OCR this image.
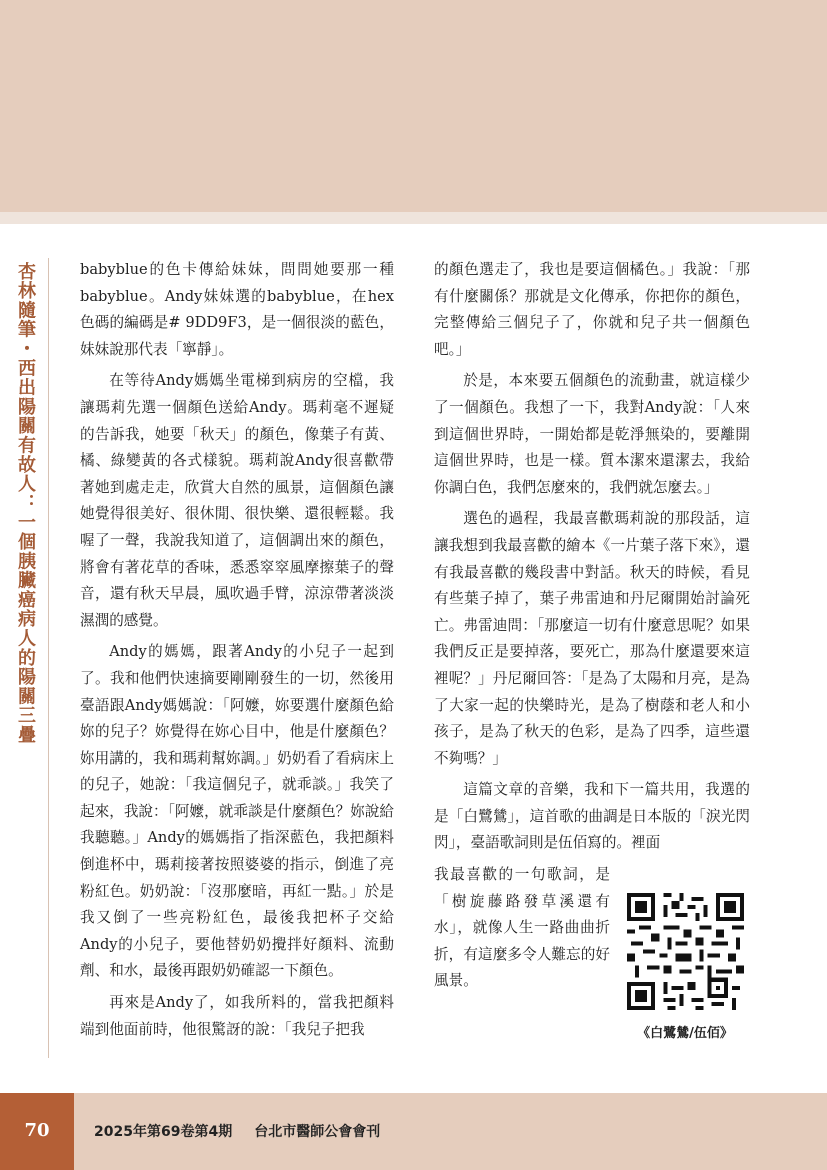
杏林隨筆・西出陽關有故人：一個胰臟癌病人的陽關三疊	babyblue的色卡傳給妹妹，問問她要那一種babyblue。Andy妹妹選的babyblue，在hex色碼的編碼是# 9DD9F3，是一個很淡的藍色，妹妹說那代表「寧靜」。

在等待Andy媽媽坐電梯到病房的空檔，我讓瑪莉先選一個顏色送給Andy。瑪莉毫不遲疑的告訴我，她要「秋天」的顏色，像葉子有黃、橘、綠變黃的各式樣貌。瑪莉說Andy很喜歡帶著她到處走走，欣賞大自然的風景，這個顏色讓她覺得很美好、很休閒、很快樂、還很輕鬆。我喔了一聲，我說我知道了，這個調出來的顏色，將會有著花草的香味，悉悉窣窣風摩擦葉子的聲音，還有秋天早晨，風吹過手臂，涼涼帶著淡淡濕潤的感覺。

Andy的媽媽，跟著Andy的小兒子一起到了。我和他們快速摘要剛剛發生的一切，然後用臺語跟Andy媽媽說：「阿嬤，妳要選什麼顏色給妳的兒子？妳覺得在妳心目中，他是什麼顏色？妳用講的，我和瑪莉幫妳調。」奶奶看了看病床上的兒子，她說：「我這個兒子，就乖談。」我笑了起來，我說：「阿嬤，就乖談是什麼顏色？妳說給我聽聽。」Andy的媽媽指了指深藍色，我把顏料倒進杯中，瑪莉接著按照婆婆的指示，倒進了亮粉紅色。奶奶說：「沒那麼暗，再紅一點。」於是我又倒了一些亮粉紅色，最後我把杯子交給Andy的小兒子，要他替奶奶攪拌好顏料、流動劑、和水，最後再跟奶奶確認一下顏色。

再來是Andy了，如我所料的，當我把顏料端到他面前時，他很驚訝的說：「我兒子把我

的顏色選走了，我也是要這個橘色。」我說：「那有什麼關係？那就是文化傳承，你把你的顏色，完整傳給三個兒子了，你就和兒子共一個顏色吧。」

於是，本來要五個顏色的流動畫，就這樣少了一個顏色。我想了一下，我對Andy說：「人來到這個世界時，一開始都是乾淨無染的，要離開這個世界時，也是一樣。質本潔來還潔去，我給你調白色，我們怎麼來的，我們就怎麼去。」

選色的過程，我最喜歡瑪莉說的那段話，這讓我想到我最喜歡的繪本《一片葉子落下來》，還有我最喜歡的幾段書中對話。秋天的時候，看見有些葉子掉了，葉子弗雷迪和丹尼爾開始討論死亡。弗雷迪問：「那麼這一切有什麼意思呢？如果我們反正是要掉落，要死亡，那為什麼還要來這裡呢？」丹尼爾回答：「是為了太陽和月亮，是為了大家一起的快樂時光，是為了樹蔭和老人和小孩子，是為了秋天的色彩，是為了四季，這些還不夠嗎？」

這篇文章的音樂，我和下一篇共用，我選的是「白鷺鷥」，這首歌的曲調是日本版的「淚光閃閃」，臺語歌詞則是伍佰寫的。裡面

我最喜歡的一句歌詞，是「樹旋藤路發草溪還有水」，就像人生一路曲曲折折，有這麼多令人難忘的好風景。

《白鷺鷥/伍佰》
70	2025年第69卷第4期 台北市醫師公會會刊
